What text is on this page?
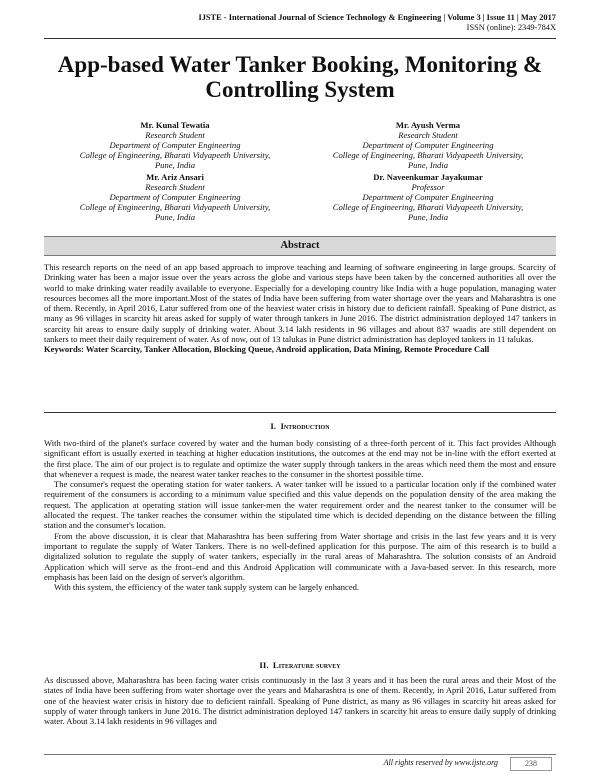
IJSTE - International Journal of Science Technology & Engineering | Volume 3 | Issue 11 | May 2017
ISSN (online): 2349-784X
App-based Water Tanker Booking, Monitoring & Controlling System
Mr. Kunal Tewatia
Research Student
Department of Computer Engineering
College of Engineering, Bharati Vidyapeeth University,
Pune, India
Mr. Ayush Verma
Research Student
Department of Computer Engineering
College of Engineering, Bharati Vidyapeeth University,
Pune, India
Mr. Ariz Ansari
Research Student
Department of Computer Engineering
College of Engineering, Bharati Vidyapeeth University,
Pune, India
Dr. Naveenkumar Jayakumar
Professor
Department of Computer Engineering
College of Engineering, Bharati Vidyapeeth University,
Pune, India
Abstract
This research reports on the need of an app based approach to improve teaching and learning of software engineering in large groups. Scarcity of Drinking water has been a major issue over the years across the globe and various steps have been taken by the concerned authorities all over the world to make drinking water readily available to everyone. Especially for a developing country like India with a huge population, managing water resources becomes all the more important.Most of the states of India have been suffering from water shortage over the years and Maharashtra is one of them. Recently, in April 2016, Latur suffered from one of the heaviest water crisis in history due to deficient rainfall. Speaking of Pune district, as many as 96 villages in scarcity hit areas asked for supply of water through tankers in June 2016. The district administration deployed 147 tankers in scarcity hit areas to ensure daily supply of drinking water. About 3.14 lakh residents in 96 villages and about 837 waadis are still dependent on tankers to meet their daily requirement of water. As of now, out of 13 talukas in Pune district administration has deployed tankers in 11 talukas.
Keywords: Water Scarcity, Tanker Allocation, Blocking Queue, Android application, Data Mining, Remote Procedure Call
I. Introduction
With two-third of the planet's surface covered by water and the human body consisting of a three-forth percent of it. This fact provides Although significant effort is usually exerted in teaching at higher education institutions, the outcomes at the end may not be in-line with the effort exerted at the first place. The aim of our project is to regulate and optimize the water supply through tankers in the areas which need them the most and ensure that whenever a request is made, the nearest water tanker reaches to the consumer in the shortest possible time.
The consumer's request the operating station for water tankers. A water tanker will be issued to a particular location only if the combined water requirement of the consumers is according to a minimum value specified and this value depends on the population density of the area making the request. The application at operating station will issue tanker-men the water requirement order and the nearest tanker to the consumer will be allocated the request. The tanker reaches the consumer within the stipulated time which is decided depending on the distance between the filling station and the consumer's location.
From the above discussion, it is clear that Maharashtra has been suffering from Water shortage and crisis in the last few years and it is very important to regulate the supply of Water Tankers. There is no well-defined application for this purpose. The aim of this research is to build a digitalized solution to regulate the supply of water tankers, especially in the rural areas of Maharashtra. The solution consists of an Android Application which will serve as the front–end and this Android Application will communicate with a Java-based server. In this research, more emphasis has been laid on the design of server's algorithm.
With this system, the efficiency of the water tank supply system can be largely enhanced.
II. Literature survey
As discussed above, Maharashtra has been facing water crisis continuously in the last 3 years and it has been the rural areas and their Most of the states of India have been suffering from water shortage over the years and Maharashtra is one of them. Recently, in April 2016, Latur suffered from one of the heaviest water crisis in history due to deficient rainfall. Speaking of Pune district, as many as 96 villages in scarcity hit areas asked for supply of water through tankers in June 2016. The district administration deployed 147 tankers in scarcity hit areas to ensure daily supply of drinking water. About 3.14 lakh residents in 96 villages and
All rights reserved by www.ijste.org	238
